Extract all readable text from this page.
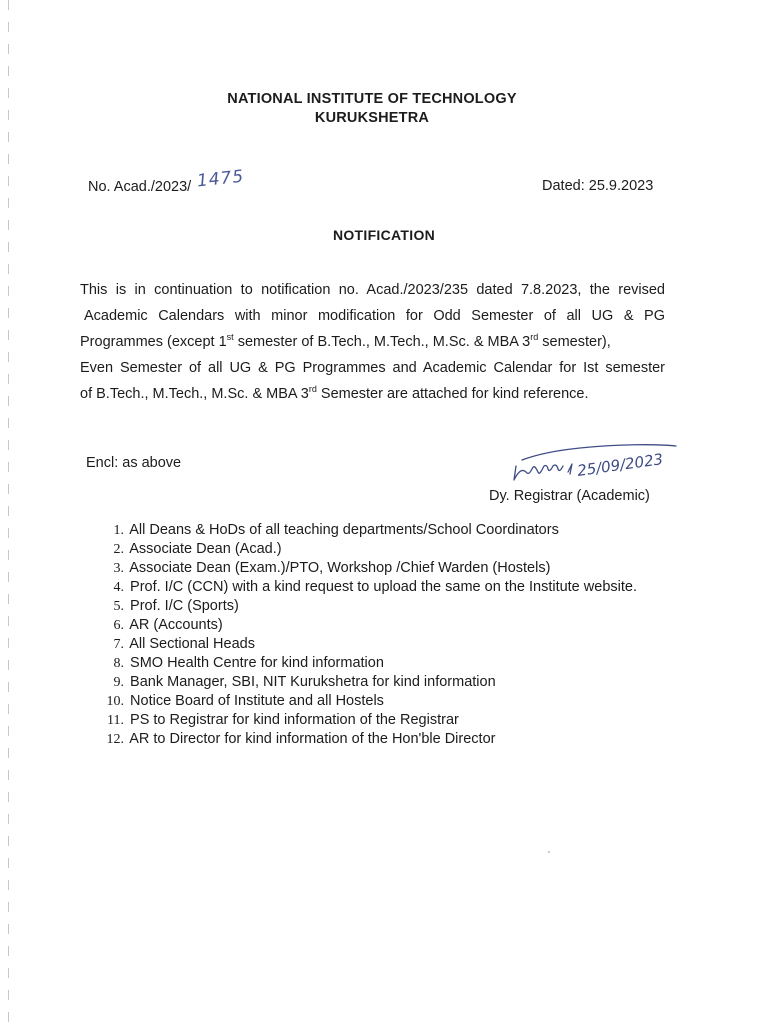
NATIONAL INSTITUTE OF TECHNOLOGY
KURUKSHETRA
No. Acad./2023/ 1475	Dated: 25.9.2023
NOTIFICATION
This is in continuation to notification no. Acad./2023/235 dated 7.8.2023, the revised
Academic Calendars with minor modification for Odd Semester of all UG & PG
Programmes (except 1st semester of B.Tech., M.Tech., M.Sc. & MBA 3rd semester),
Even Semester of all UG & PG Programmes and Academic Calendar for Ist semester
of B.Tech., M.Tech., M.Sc. & MBA 3rd Semester are attached for kind reference.
Encl: as above	25/09/2023
Dy. Registrar (Academic)
1. All Deans & HoDs of all teaching departments/School Coordinators
2. Associate Dean (Acad.)
3. Associate Dean (Exam.)/PTO, Workshop /Chief Warden (Hostels)
4. Prof. I/C (CCN) with a kind request to upload the same on the Institute website.
5. Prof. I/C (Sports)
6. AR (Accounts)
7. All Sectional Heads
8. SMO Health Centre for kind information
9. Bank Manager, SBI, NIT Kurukshetra for kind information
10. Notice Board of Institute and all Hostels
11. PS to Registrar for kind information of the Registrar
12. AR to Director for kind information of the Hon'ble Director
